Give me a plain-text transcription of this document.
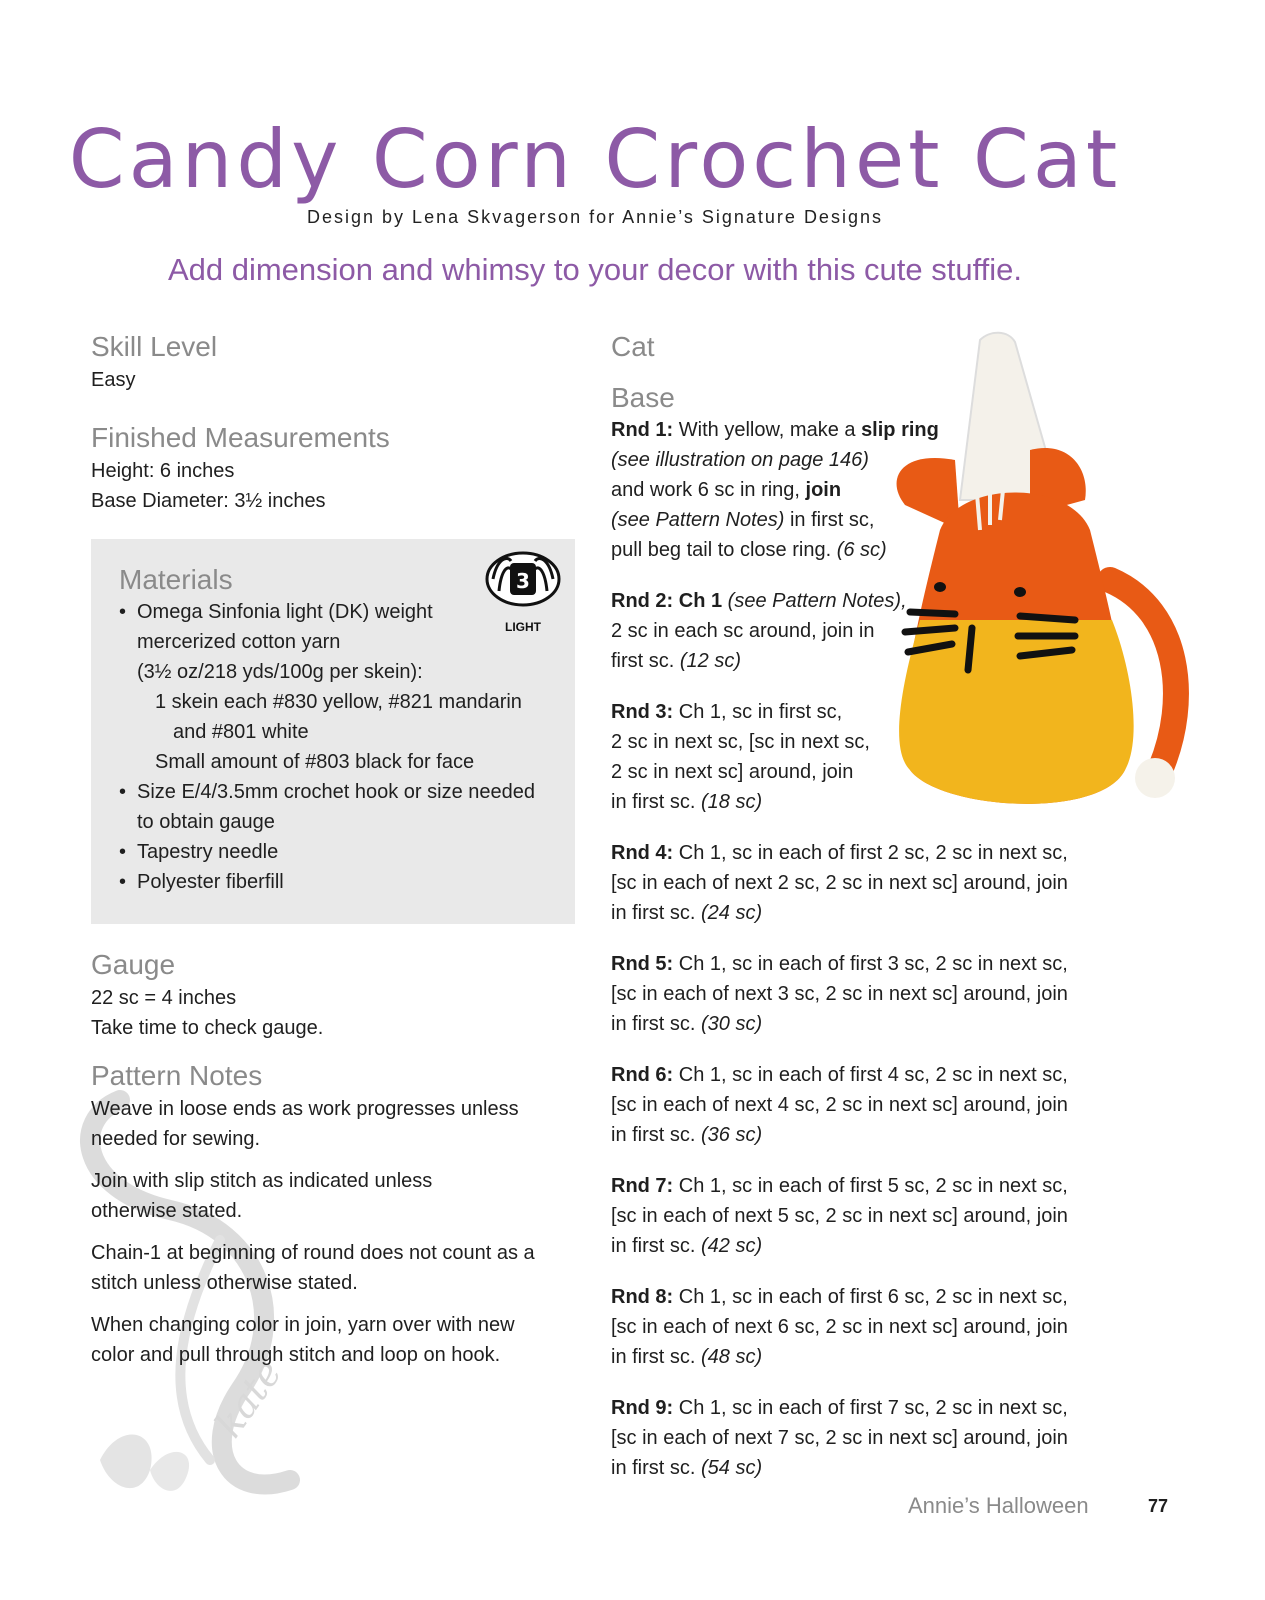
Candy Corn Crochet Cat
Design by Lena Skvagerson for Annie’s Signature Designs
Add dimension and whimsy to your decor with this cute stuffie.
kate
Skill Level
Easy
Finished Measurements
Height: 6 inches
Base Diameter: 3½ inches
Materials	3
LIGHT
• Omega Sinfonia light (DK) weight
mercerized cotton yarn
(3½ oz/218 yds/100g per skein):
1 skein each #830 yellow, #821 mandarin
and #801 white
Small amount of #803 black for face
• Size E/4/3.5mm crochet hook or size needed
to obtain gauge
• Tapestry needle
• Polyester fiberfill
Gauge
22 sc = 4 inches
Take time to check gauge.
Pattern Notes

Weave in loose ends as work progresses unless needed for sewing.

Join with slip stitch as indicated unless otherwise stated.

Chain-1 at beginning of round does not count as a stitch unless otherwise stated.

When changing color in join, yarn over with new color and pull through stitch and loop on hook.

Cat
Base
Rnd 1: With yellow, make a slip ring
(see illustration on page 146)
and work 6 sc in ring, join
(see Pattern Notes) in first sc,
pull beg tail to close ring. (6 sc)
Rnd 2: Ch 1 (see Pattern Notes),
2 sc in each sc around, join in
first sc. (12 sc)
Rnd 3: Ch 1, sc in first sc,
2 sc in next sc, [sc in next sc,
2 sc in next sc] around, join
in first sc. (18 sc)
Rnd 4: Ch 1, sc in each of first 2 sc, 2 sc in next sc,
[sc in each of next 2 sc, 2 sc in next sc] around, join
in first sc. (24 sc)
Rnd 5: Ch 1, sc in each of first 3 sc, 2 sc in next sc,
[sc in each of next 3 sc, 2 sc in next sc] around, join
in first sc. (30 sc)
Rnd 6: Ch 1, sc in each of first 4 sc, 2 sc in next sc,
[sc in each of next 4 sc, 2 sc in next sc] around, join
in first sc. (36 sc)
Rnd 7: Ch 1, sc in each of first 5 sc, 2 sc in next sc,
[sc in each of next 5 sc, 2 sc in next sc] around, join
in first sc. (42 sc)
Rnd 8: Ch 1, sc in each of first 6 sc, 2 sc in next sc,
[sc in each of next 6 sc, 2 sc in next sc] around, join
in first sc. (48 sc)
Rnd 9: Ch 1, sc in each of first 7 sc, 2 sc in next sc,
[sc in each of next 7 sc, 2 sc in next sc] around, join
in first sc. (54 sc)
Annie’s Halloween	77
